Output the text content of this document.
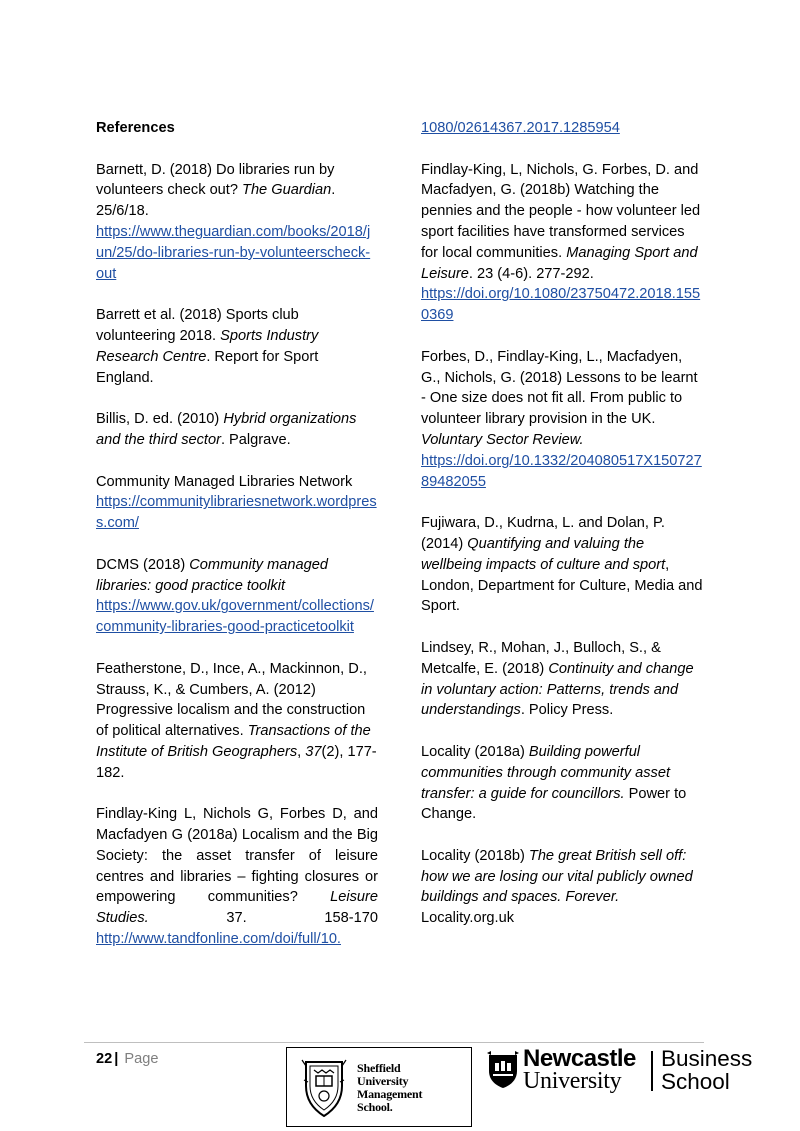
References
Barnett, D. (2018) Do libraries run by volunteers check out? The Guardian. 25/6/18.
https://www.theguardian.com/books/2018/jun/25/do-libraries-run-by-volunteerscheck-out
Barrett et al. (2018) Sports club volunteering 2018. Sports Industry Research Centre. Report for Sport England.
Billis, D. ed. (2010) Hybrid organizations and the third sector. Palgrave.
Community Managed Libraries Network
https://communitylibrariesnetwork.wordpress.com/
DCMS (2018) Community managed libraries: good practice toolkit
https://www.gov.uk/government/collections/community-libraries-good-practicetoolkit
Featherstone, D., Ince, A., Mackinnon, D., Strauss, K., & Cumbers, A. (2012) Progressive localism and the construction of political alternatives. Transactions of the Institute of British Geographers, 37(2), 177-182.
Findlay-King L, Nichols G, Forbes D, and Macfadyen G (2018a) Localism and the Big Society: the asset transfer of leisure centres and libraries – fighting closures or empowering communities? Leisure Studies. 37. 158-170
http://www.tandfonline.com/doi/full/10.
1080/02614367.2017.1285954
Findlay-King, L, Nichols, G. Forbes, D. and Macfadyen, G. (2018b) Watching the pennies and the people - how volunteer led sport facilities have transformed services for local communities. Managing Sport and Leisure. 23 (4-6). 277-292.
https://doi.org/10.1080/23750472.2018.1550369
Forbes, D., Findlay-King, L., Macfadyen, G., Nichols, G. (2018) Lessons to be learnt - One size does not fit all. From public to volunteer library provision in the UK. Voluntary Sector Review.
https://doi.org/10.1332/204080517X15072789482055
Fujiwara, D., Kudrna, L. and Dolan, P. (2014) Quantifying and valuing the wellbeing impacts of culture and sport, London, Department for Culture, Media and Sport.
Lindsey, R., Mohan, J., Bulloch, S., & Metcalfe, E. (2018) Continuity and change in voluntary action: Patterns, trends and understandings. Policy Press.
Locality (2018a) Building powerful communities through community asset transfer: a guide for councillors. Power to Change.
Locality (2018b) The great British sell off: how we are losing our vital publicly owned buildings and spaces. Forever. Locality.org.uk
22 | Page
Sheffield
University
Management
School.
Newcastle
University
Business
School
